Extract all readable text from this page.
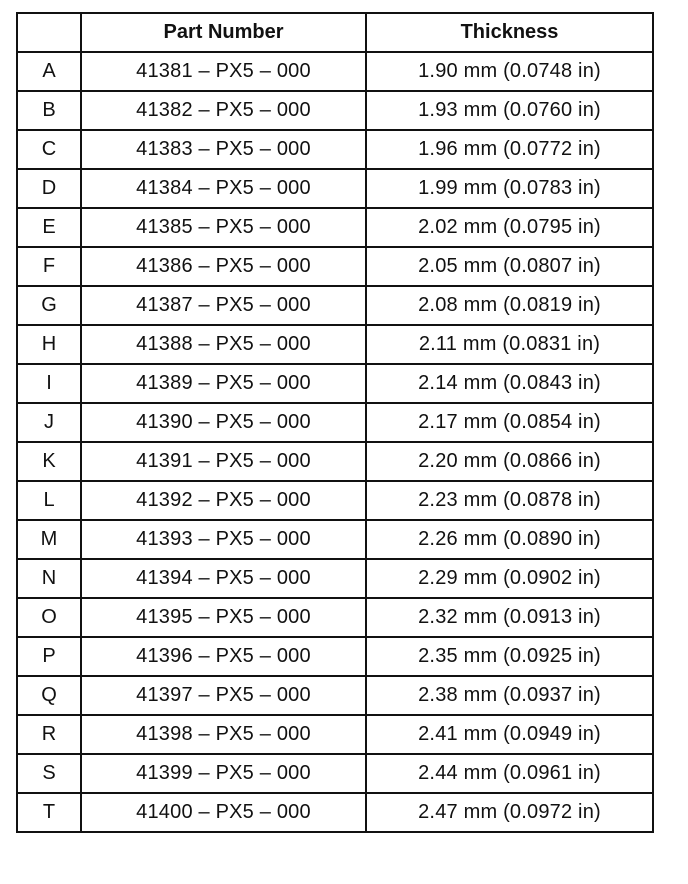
	Part Number	Thickness
A	41381 – PX5 – 000	1.90 mm (0.0748 in)
B	41382 – PX5 – 000	1.93 mm (0.0760 in)
C	41383 – PX5 – 000	1.96 mm (0.0772 in)
D	41384 – PX5 – 000	1.99 mm (0.0783 in)
E	41385 – PX5 – 000	2.02 mm (0.0795 in)
F	41386 – PX5 – 000	2.05 mm (0.0807 in)
G	41387 – PX5 – 000	2.08 mm (0.0819 in)
H	41388 – PX5 – 000	2.11 mm (0.0831 in)
I	41389 – PX5 – 000	2.14 mm (0.0843 in)
J	41390 – PX5 – 000	2.17 mm (0.0854 in)
K	41391 – PX5 – 000	2.20 mm (0.0866 in)
L	41392 – PX5 – 000	2.23 mm (0.0878 in)
M	41393 – PX5 – 000	2.26 mm (0.0890 in)
N	41394 – PX5 – 000	2.29 mm (0.0902 in)
O	41395 – PX5 – 000	2.32 mm (0.0913 in)
P	41396 – PX5 – 000	2.35 mm (0.0925 in)
Q	41397 – PX5 – 000	2.38 mm (0.0937 in)
R	41398 – PX5 – 000	2.41 mm (0.0949 in)
S	41399 – PX5 – 000	2.44 mm (0.0961 in)
T	41400 – PX5 – 000	2.47 mm (0.0972 in)
